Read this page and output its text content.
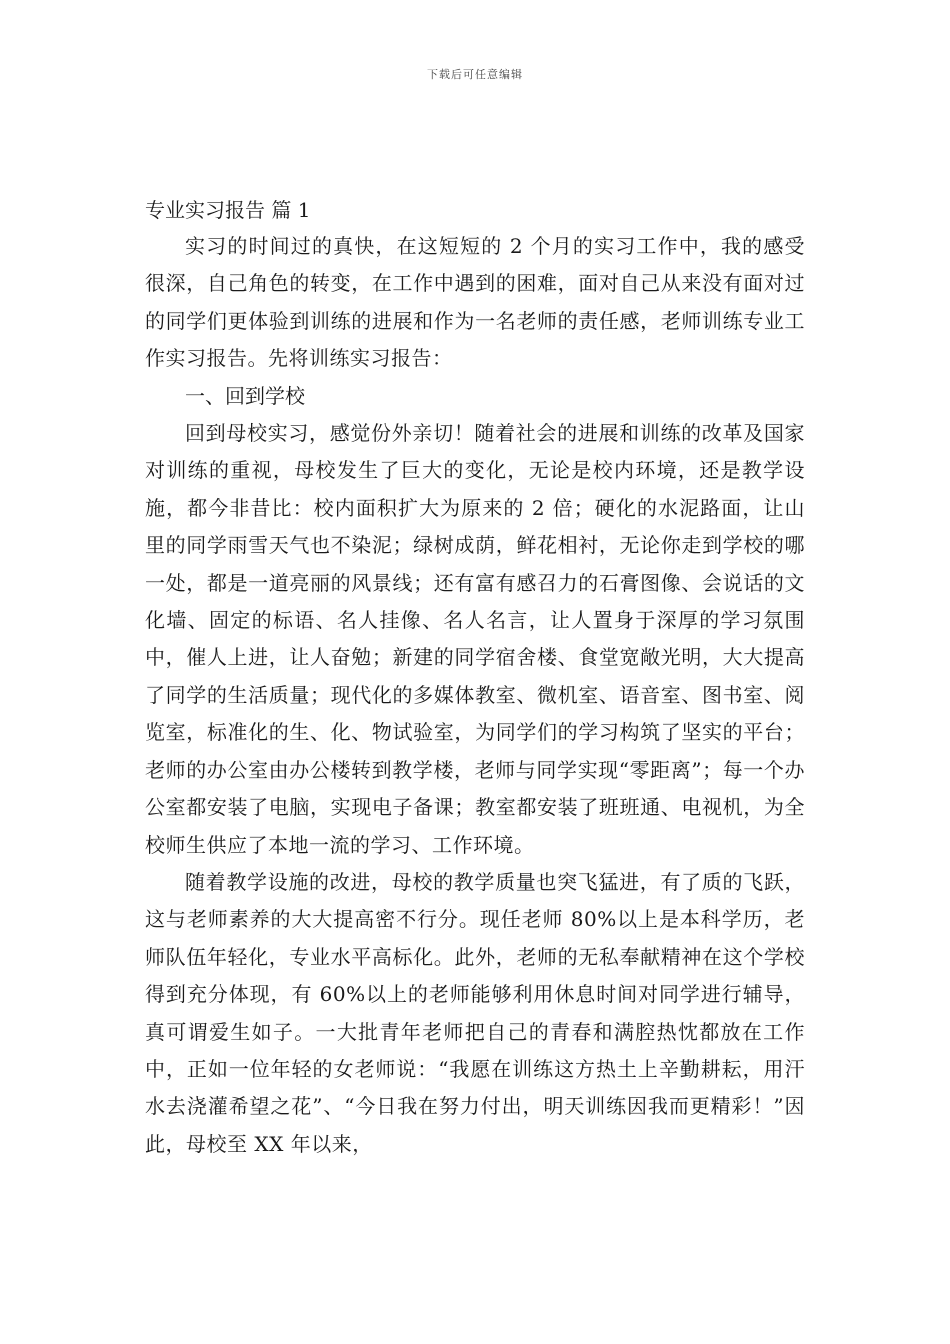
下载后可任意编辑
专业实习报告 篇 1

实习的时间过的真快，在这短短的 2 个月的实习工作中，我的感受很深，自己角色的转变，在工作中遇到的困难，面对自己从来没有面对过的同学们更体验到训练的进展和作为一名老师的责任感，老师训练专业工作实习报告。先将训练实习报告：

一、回到学校

回到母校实习，感觉份外亲切！随着社会的进展和训练的改革及国家对训练的重视，母校发生了巨大的变化，无论是校内环境，还是教学设施，都今非昔比：校内面积扩大为原来的 2 倍；硬化的水泥路面，让山里的同学雨雪天气也不染泥；绿树成荫，鲜花相衬，无论你走到学校的哪一处，都是一道亮丽的风景线；还有富有感召力的石膏图像、会说话的文化墙、固定的标语、名人挂像、名人名言，让人置身于深厚的学习氛围中，催人上进，让人奋勉；新建的同学宿舍楼、食堂宽敞光明，大大提高了同学的生活质量；现代化的多媒体教室、微机室、语音室、图书室、阅览室，标准化的生、化、物试验室，为同学们的学习构筑了坚实的平台；老师的办公室由办公楼转到教学楼，老师与同学实现“零距离”；每一个办公室都安装了电脑，实现电子备课；教室都安装了班班通、电视机，为全校师生供应了本地一流的学习、工作环境。

随着教学设施的改进，母校的教学质量也突飞猛进，有了质的飞跃，这与老师素养的大大提高密不行分。现任老师 80%以上是本科学历，老师队伍年轻化，专业水平高标化。此外，老师的无私奉献精神在这个学校得到充分体现，有 60%以上的老师能够利用休息时间对同学进行辅导，真可谓爱生如子。一大批青年老师把自己的青春和满腔热忱都放在工作中，正如一位年轻的女老师说：“我愿在训练这方热土上辛勤耕耘，用汗水去浇灌希望之花”、“今日我在努力付出，明天训练因我而更精彩！”因此，母校至 XX 年以来，
